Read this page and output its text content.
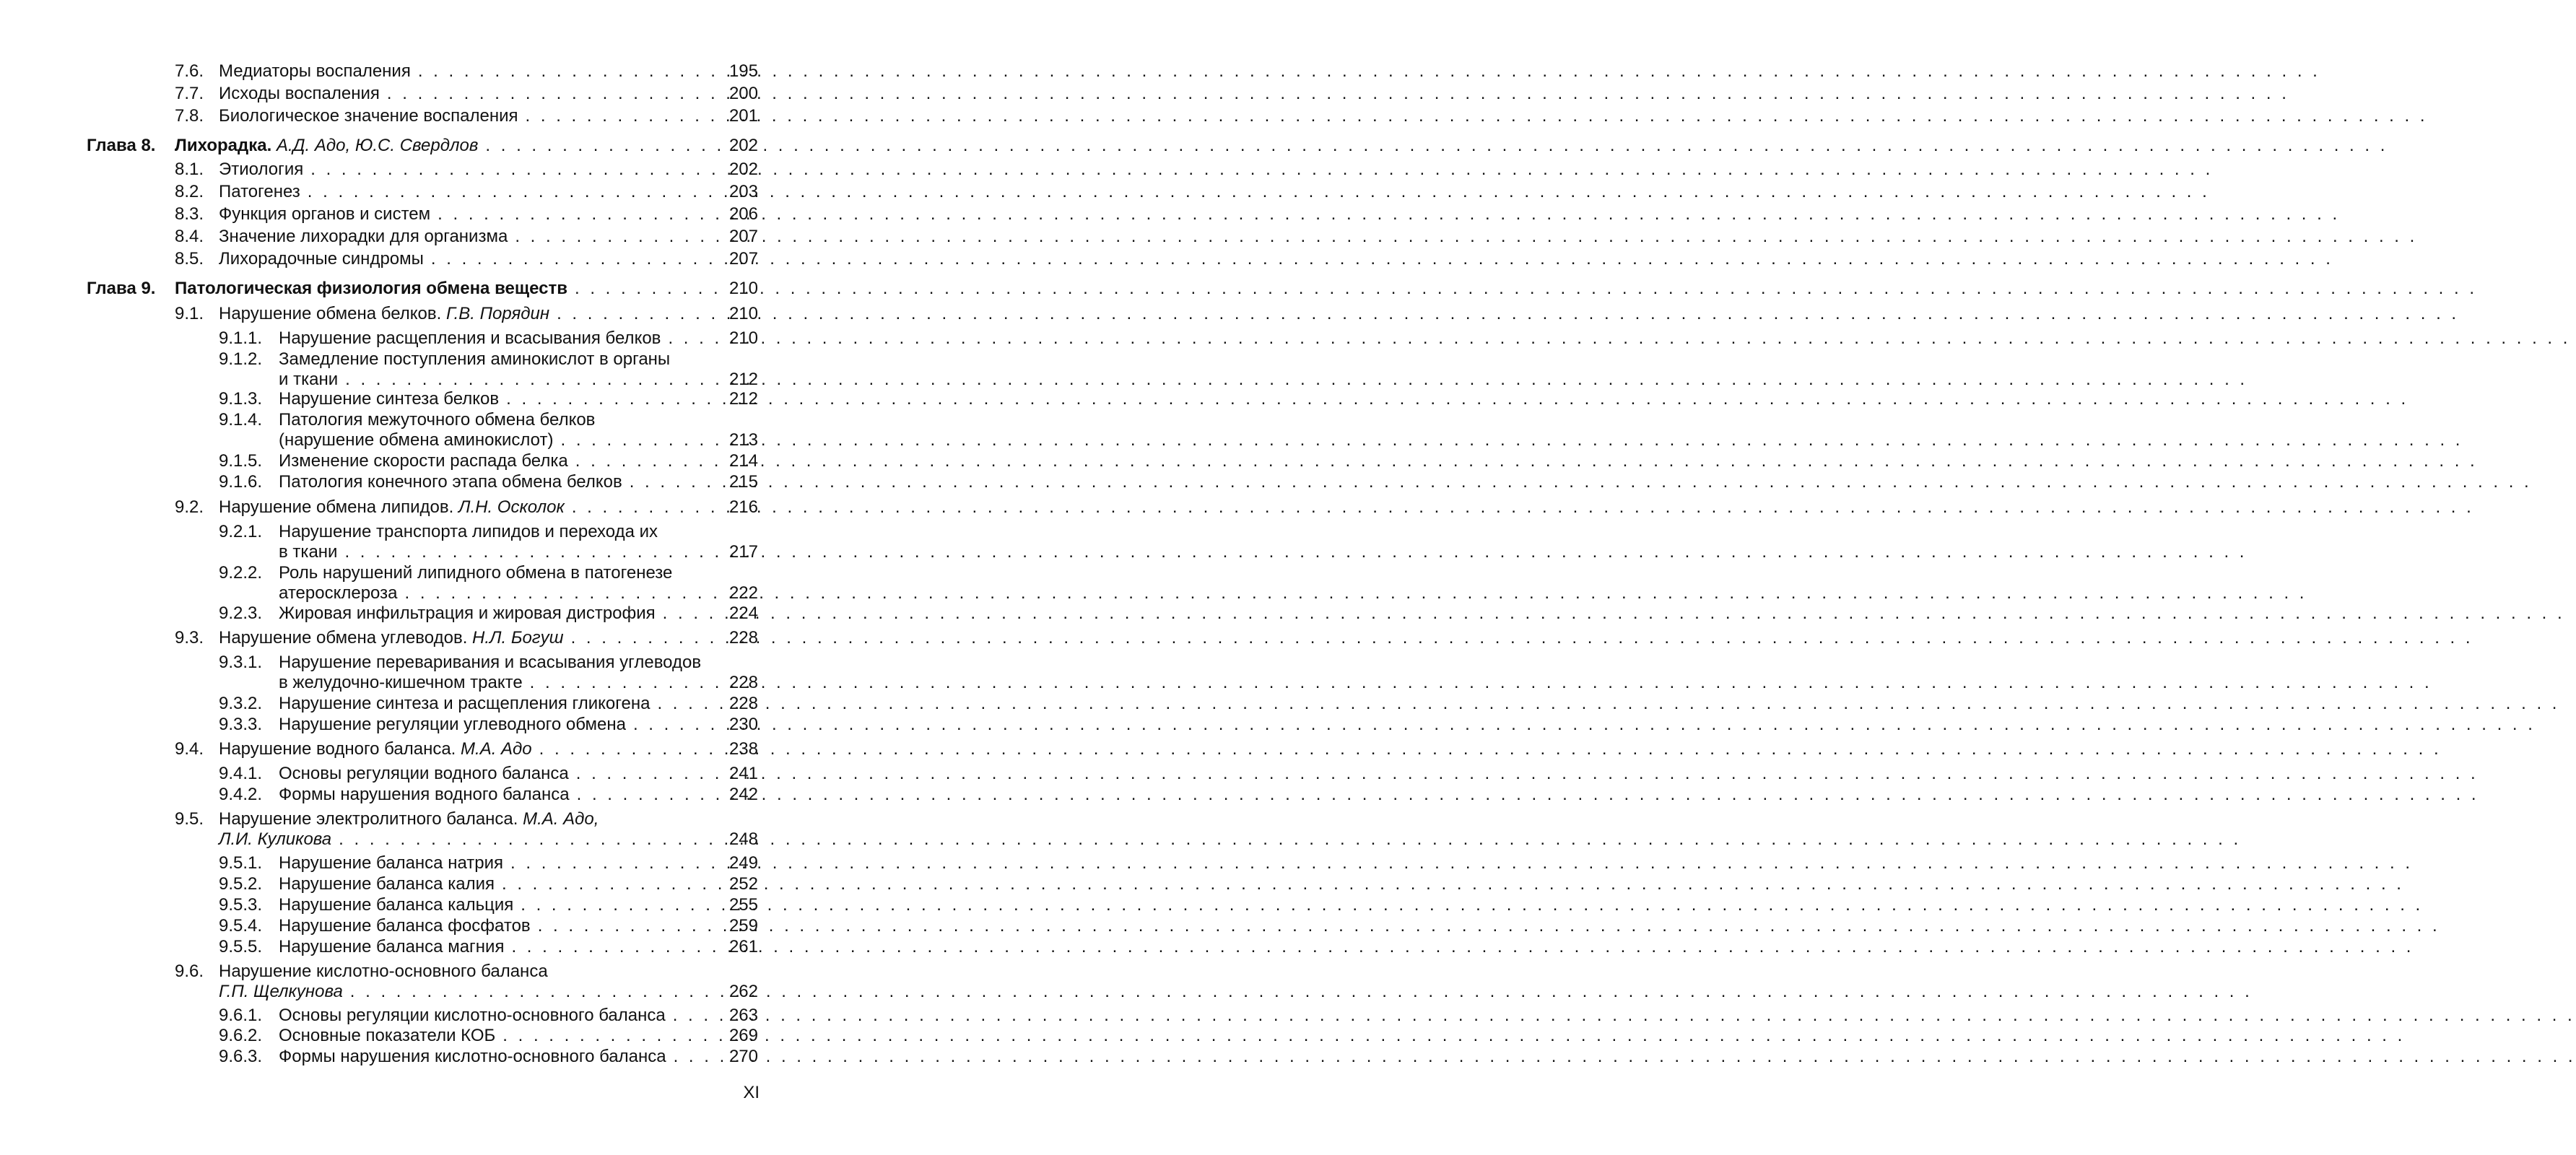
7.6. Медиаторы воспаления . . .	195
7.7. Исходы воспаления . . .	200
7.8. Биологическое значение воспаления . . .	201
Глава 8. Лихорадка.
А.Д. Адо, Ю.С. Свердлов . . .	202
8.1. Этиология . . .	202
8.2. Патогенез . . .	203
8.3. Функция органов и систем . . .	206
8.4. Значение лихорадки для организма . . .	207
8.5. Лихорадочные синдромы . . .	207
Глава 9. Патологическая физиология обмена веществ . . .	210
9.1. Нарушение обмена белков.
Г.В. Порядин . . .	210
9.1.1. Нарушение расщепления и всасывания белков . . .	210
9.1.2. Замедление поступления аминокислот в органы
и ткани . . .	212
9.1.3. Нарушение синтеза белков . . .	212
9.1.4. Патология межуточного обмена белков
(нарушение обмена аминокислот) . . .	213
9.1.5. Изменение скорости распада белка . . .	214
9.1.6. Патология конечного этапа обмена белков . . .	215
9.2. Нарушение обмена липидов.
Л.Н. Осколок . . .	216
9.2.1. Нарушение транспорта липидов и перехода их
в ткани . . .	217
9.2.2. Роль нарушений липидного обмена в патогенезе
атеросклероза . . .	222
9.2.3. Жировая инфильтрация и жировая дистрофия . . .	224
9.3. Нарушение обмена углеводов.
Н.Л. Богуш . . .	228
9.3.1. Нарушение переваривания и всасывания углеводов
в желудочно-кишечном тракте . . .	228
9.3.2. Нарушение синтеза и расщепления гликогена . . .	228
9.3.3. Нарушение регуляции углеводного обмена . . .	230
9.4. Нарушение водного баланса.
М.А. Адо . . .	238
9.4.1. Основы регуляции водного баланса . . .	241
9.4.2. Формы нарушения водного баланса . . .	242
9.5. Нарушение электролитного баланса.
М.А. Адо,
Л.И. Куликова . . .	248
9.5.1. Нарушение баланса натрия . . .	249
9.5.2. Нарушение баланса калия . . .	252
9.5.3. Нарушение баланса кальция . . .	255
9.5.4. Нарушение баланса фосфатов . . .	259
9.5.5. Нарушение баланса магния . . .	261
9.6. Нарушение кислотно-основного баланса
Г.П. Щелкунова . . .	262
9.6.1. Основы регуляции кислотно-основного баланса . . .	263
9.6.2. Основные показатели КОБ . . .	269
9.6.3. Формы нарушения кислотно-основного баланса . . .	270
XI
